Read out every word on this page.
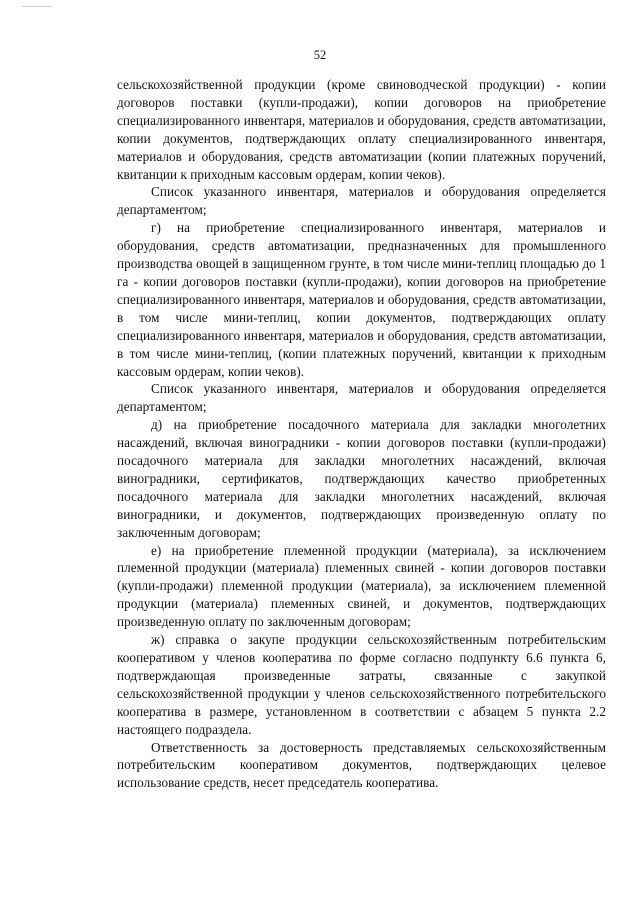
52

сельскохозяйственной продукции (кроме свиноводческой продукции) - копии договоров поставки (купли-продажи), копии договоров на приобретение специализированного инвентаря, материалов и оборудования, средств автоматизации, копии документов, подтверждающих оплату специализированного инвентаря, материалов и оборудования, средств автоматизации (копии платежных поручений, квитанции к приходным кассовым ордерам, копии чеков).

Список указанного инвентаря, материалов и оборудования определяется департаментом;

г) на приобретение специализированного инвентаря, материалов и оборудования, средств автоматизации, предназначенных для промышленного производства овощей в защищенном грунте, в том числе мини-теплиц площадью до 1 га - копии договоров поставки (купли-продажи), копии договоров на приобретение специализированного инвентаря, материалов и оборудования, средств автоматизации, в том числе мини-теплиц, копии документов, подтверждающих оплату специализированного инвентаря, материалов и оборудования, средств автоматизации, в том числе мини-теплиц, (копии платежных поручений, квитанции к приходным кассовым ордерам, копии чеков).

Список указанного инвентаря, материалов и оборудования определяется департаментом;

д) на приобретение посадочного материала для закладки многолетних насаждений, включая виноградники - копии договоров поставки (купли-продажи) посадочного материала для закладки многолетних насаждений, включая виноградники, сертификатов, подтверждающих качество приобретенных посадочного материала для закладки многолетних насаждений, включая виноградники, и документов, подтверждающих произведенную оплату по заключенным договорам;

е) на приобретение племенной продукции (материала), за исключением племенной продукции (материала) племенных свиней - копии договоров поставки (купли-продажи) племенной продукции (материала), за исключением племенной продукции (материала) племенных свиней, и документов, подтверждающих произведенную оплату по заключенным договорам;

ж) справка о закупе продукции сельскохозяйственным потребительским кооперативом у членов кооператива по форме согласно подпункту 6.6 пункта 6, подтверждающая произведенные затраты, связанные с закупкой сельскохозяйственной продукции у членов сельскохозяйственного потребительского кооператива в размере, установленном в соответствии с абзацем 5 пункта 2.2 настоящего подраздела.

Ответственность за достоверность представляемых сельскохозяйственным потребительским кооперативом документов, подтверждающих целевое использование средств, несет председатель кооператива.
